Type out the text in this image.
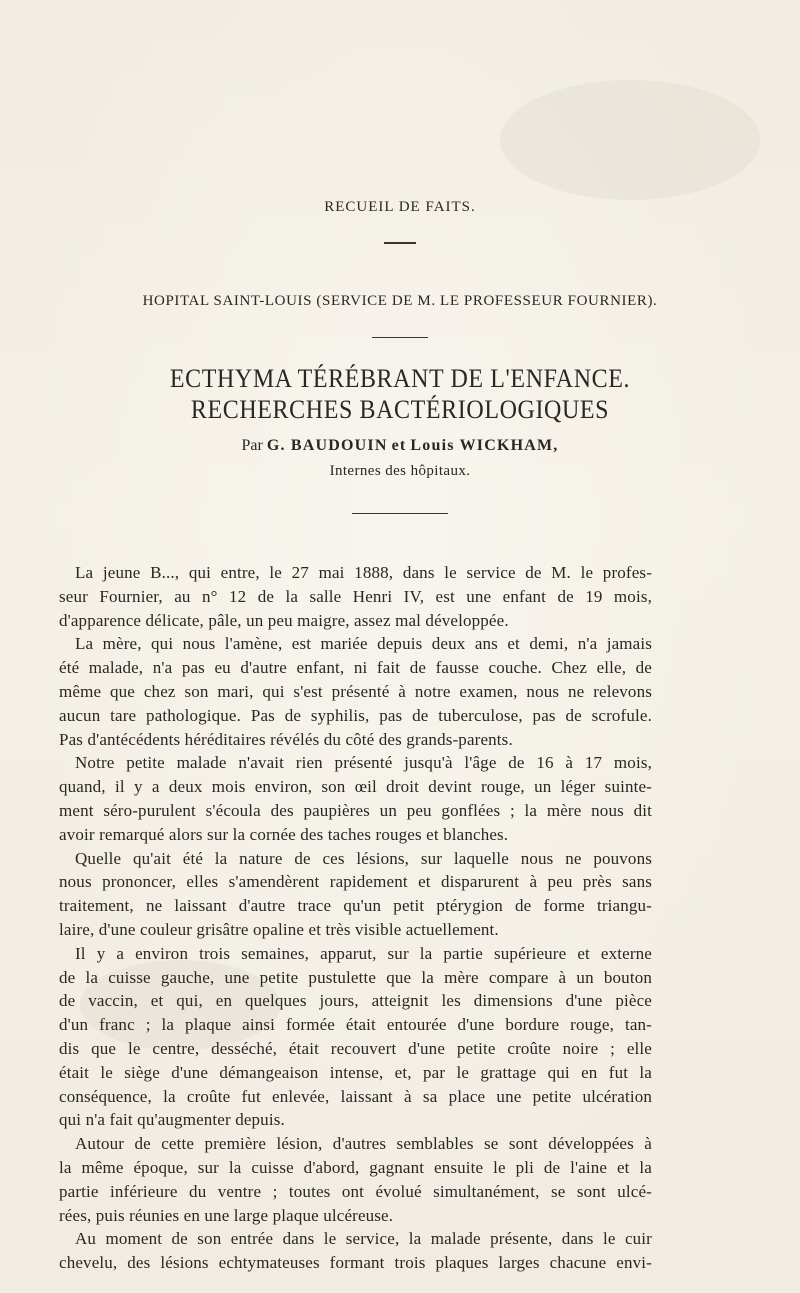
RECUEIL DE FAITS.
HOPITAL SAINT-LOUIS (SERVICE DE M. LE PROFESSEUR FOURNIER).
ECTHYMA TÉRÉBRANT DE L'ENFANCE.
RECHERCHES BACTÉRIOLOGIQUES
Par G. BAUDOUIN et Louis WICKHAM,
Internes des hôpitaux.
La jeune B..., qui entre, le 27 mai 1888, dans le service de M. le profes-
seur Fournier, au n° 12 de la salle Henri IV, est une enfant de 19 mois,
d'apparence délicate, pâle, un peu maigre, assez mal développée.
La mère, qui nous l'amène, est mariée depuis deux ans et demi, n'a jamais
été malade, n'a pas eu d'autre enfant, ni fait de fausse couche. Chez elle, de
même que chez son mari, qui s'est présenté à notre examen, nous ne relevons
aucun tare pathologique. Pas de syphilis, pas de tuberculose, pas de scrofule.
Pas d'antécédents héréditaires révélés du côté des grands-parents.
Notre petite malade n'avait rien présenté jusqu'à l'âge de 16 à 17 mois,
quand, il y a deux mois environ, son œil droit devint rouge, un léger suinte-
ment séro-purulent s'écoula des paupières un peu gonflées ; la mère nous dit
avoir remarqué alors sur la cornée des taches rouges et blanches.
Quelle qu'ait été la nature de ces lésions, sur laquelle nous ne pouvons
nous prononcer, elles s'amendèrent rapidement et disparurent à peu près sans
traitement, ne laissant d'autre trace qu'un petit ptérygion de forme triangu-
laire, d'une couleur grisâtre opaline et très visible actuellement.
Il y a environ trois semaines, apparut, sur la partie supérieure et externe
de la cuisse gauche, une petite pustulette que la mère compare à un bouton
de vaccin, et qui, en quelques jours, atteignit les dimensions d'une pièce
d'un franc ; la plaque ainsi formée était entourée d'une bordure rouge, tan-
dis que le centre, desséché, était recouvert d'une petite croûte noire ; elle
était le siège d'une démangeaison intense, et, par le grattage qui en fut la
conséquence, la croûte fut enlevée, laissant à sa place une petite ulcération
qui n'a fait qu'augmenter depuis.
Autour de cette première lésion, d'autres semblables se sont développées à
la même époque, sur la cuisse d'abord, gagnant ensuite le pli de l'aine et la
partie inférieure du ventre ; toutes ont évolué simultanément, se sont ulcé-
rées, puis réunies en une large plaque ulcéreuse.
Au moment de son entrée dans le service, la malade présente, dans le cuir
chevelu, des lésions echtymateuses formant trois plaques larges chacune envi-
